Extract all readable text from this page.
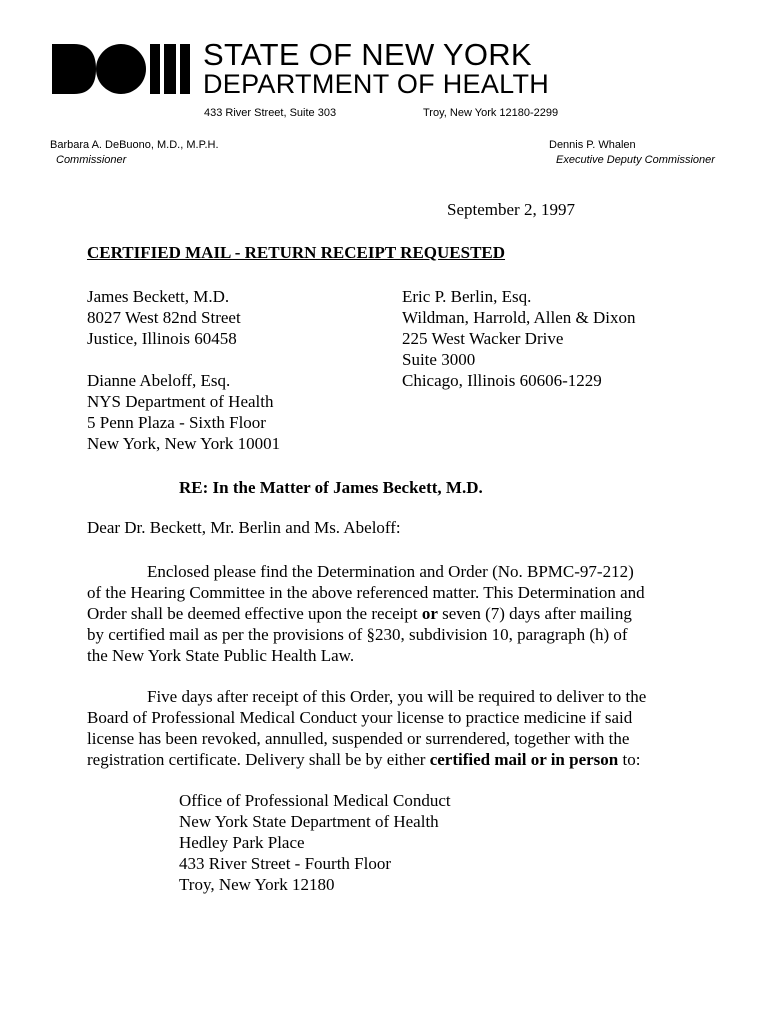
STATE OF NEW YORK
DEPARTMENT OF HEALTH
433 River Street, Suite 303	Troy, New York 12180-2299
Barbara A. DeBuono, M.D., M.P.H.
Commissioner
Dennis P. Whalen
Executive Deputy Commissioner
September 2, 1997
CERTIFIED MAIL - RETURN RECEIPT REQUESTED
James Beckett, M.D.
8027 West 82nd Street
Justice, Illinois 60458
Dianne Abeloff, Esq.
NYS Department of Health
5 Penn Plaza - Sixth Floor
New York, New York 10001
Eric P. Berlin, Esq.
Wildman, Harrold, Allen & Dixon
225 West Wacker Drive
Suite 3000
Chicago, Illinois 60606-1229
RE: In the Matter of James Beckett, M.D.
Dear Dr. Beckett, Mr. Berlin and Ms. Abeloff:

Enclosed please find the Determination and Order (No. BPMC-97-212) of the Hearing Committee in the above referenced matter. This Determination and Order shall be deemed effective upon the receipt or seven (7) days after mailing by certified mail as per the provisions of §230, subdivision 10, paragraph (h) of the New York State Public Health Law.

Five days after receipt of this Order, you will be required to deliver to the Board of Professional Medical Conduct your license to practice medicine if said license has been revoked, annulled, suspended or surrendered, together with the registration certificate. Delivery shall be by either certified mail or in person to:

Office of Professional Medical Conduct
New York State Department of Health
Hedley Park Place
433 River Street - Fourth Floor
Troy, New York 12180
